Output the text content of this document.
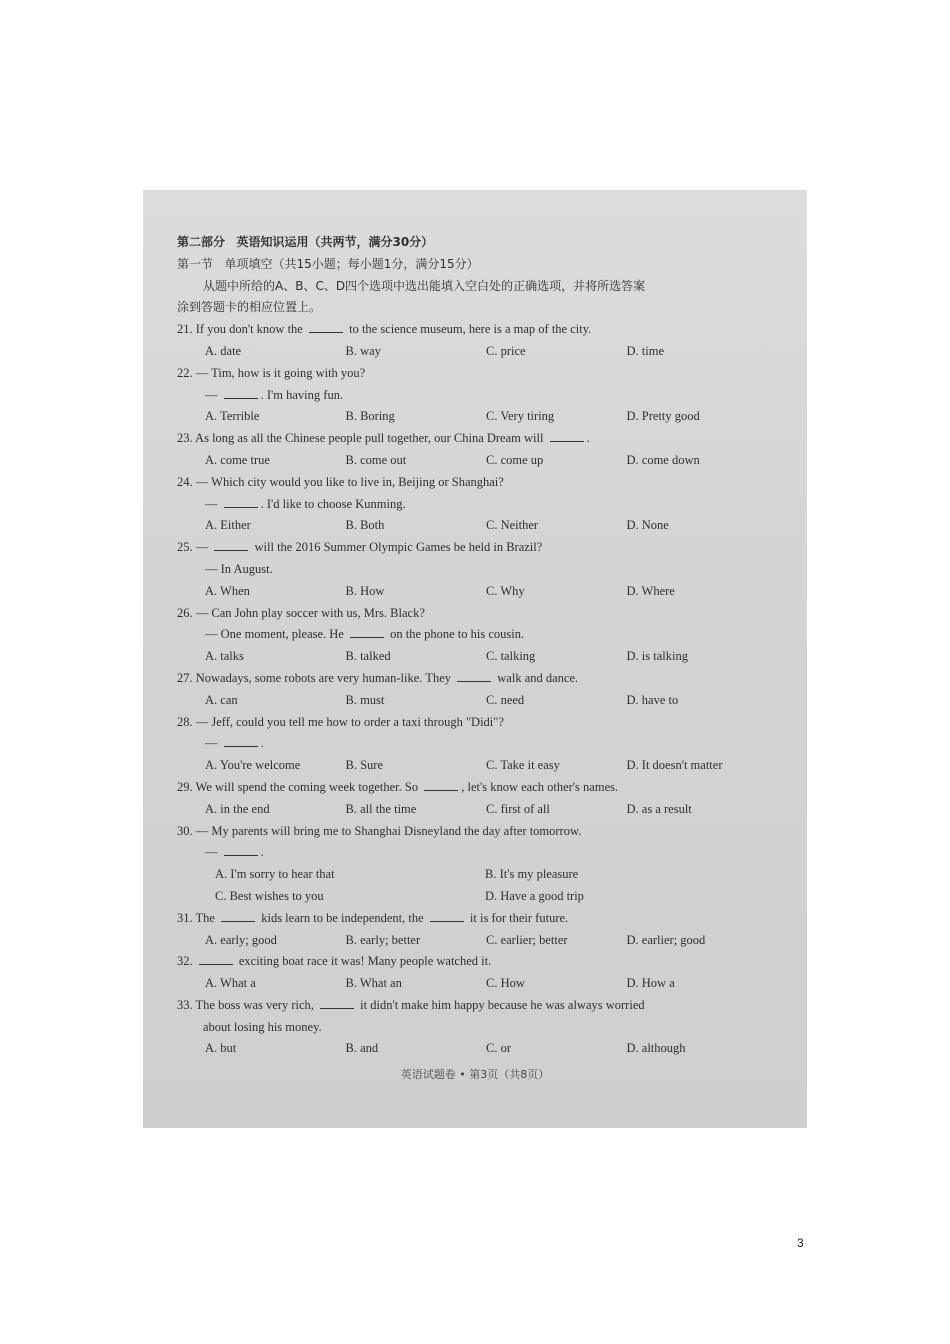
第二部分 英语知识运用（共两节，满分30分）
第一节 单项填空（共15小题；每小题1分，满分15分）
从题中所给的A、B、C、D四个选项中选出能填入空白处的正确选项，并将所选答案
涂到答题卡的相应位置上。
21. If you don't know the	to the science museum, here is a map of the city.
A. date	B. way	C. price	D. time
22. — Tim, how is it going with you?
—	. I'm having fun.
A. Terrible	B. Boring	C. Very tiring	D. Pretty good
23. As long as all the Chinese people pull together, our China Dream will	.
A. come true	B. come out	C. come up	D. come down
24. — Which city would you like to live in, Beijing or Shanghai?
—	. I'd like to choose Kunming.
A. Either	B. Both	C. Neither	D. None
25. —	will the 2016 Summer Olympic Games be held in Brazil?
— In August.
A. When	B. How	C. Why	D. Where
26. — Can John play soccer with us, Mrs. Black?
— One moment, please. He	on the phone to his cousin.
A. talks	B. talked	C. talking	D. is talking
27. Nowadays, some robots are very human-like. They	walk and dance.
A. can	B. must	C. need	D. have to
28. — Jeff, could you tell me how to order a taxi through "Didi"?
—	.
A. You're welcome	B. Sure	C. Take it easy	D. It doesn't matter
29. We will spend the coming week together. So	, let's know each other's names.
A. in the end	B. all the time	C. first of all	D. as a result
30. — My parents will bring me to Shanghai Disneyland the day after tomorrow.
—	.
A. I'm sorry to hear that	B. It's my pleasure
C. Best wishes to you	D. Have a good trip
31. The	kids learn to be independent, the	it is for their future.
A. early; good	B. early; better	C. earlier; better	D. earlier; good
32.	exciting boat race it was! Many people watched it.
A. What a	B. What an	C. How	D. How a
33. The boss was very rich,	it didn't make him happy because he was always worried
about losing his money.
A. but	B. and	C. or	D. although
英语试题卷 • 第3页（共8页）
3
